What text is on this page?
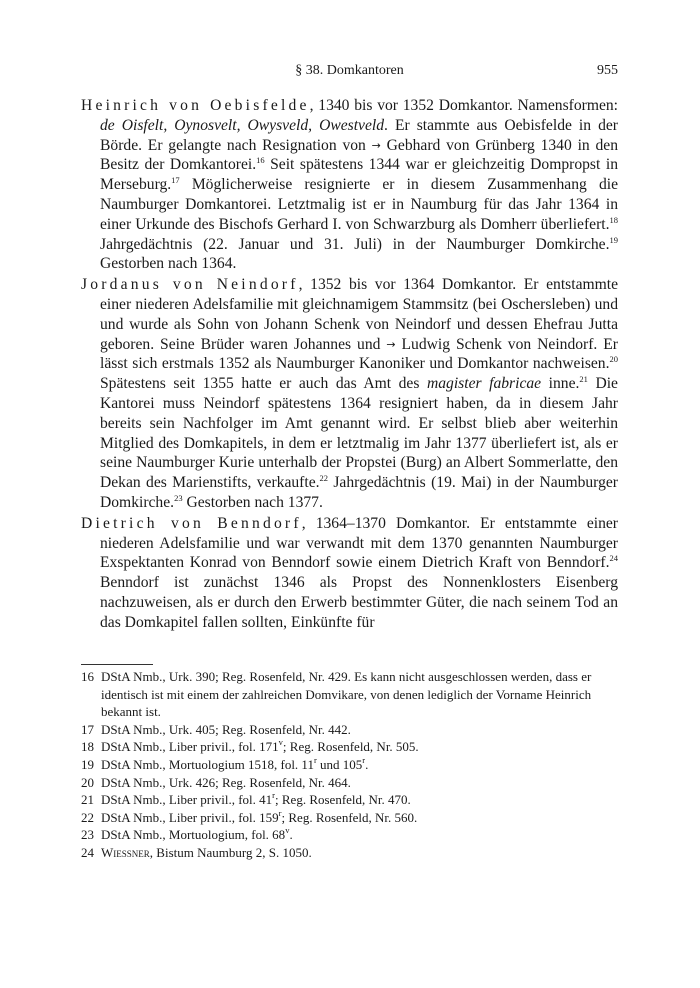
§ 38. Domkantoren	955

Heinrich von Oebisfelde, 1340 bis vor 1352 Domkantor. Namensformen: de Oisfelt, Oynosvelt, Owysveld, Owestveld. Er stammte aus Oebisfelde in der Börde. Er gelangte nach Resignation von → Gebhard von Grünberg 1340 in den Besitz der Domkantorei.$^{16}$ Seit spätestens 1344 war er gleichzeitig Dompropst in Merseburg.$^{17}$ Möglicherweise resignierte er in diesem Zusammenhang die Naumburger Domkantorei. Letztmalig ist er in Naumburg für das Jahr 1364 in einer Urkunde des Bischofs Gerhard I. von Schwarzburg als Domherr überliefert.$^{18}$ Jahrgedächtnis (22. Januar und 31. Juli) in der Naumburger Domkirche.$^{19}$ Gestorben nach 1364.

Jordanus von Neindorf, 1352 bis vor 1364 Domkantor. Er entstammte einer niederen Adelsfamilie mit gleichnamigem Stammsitz (bei Oschersleben) und und wurde als Sohn von Johann Schenk von Neindorf und dessen Ehefrau Jutta geboren. Seine Brüder waren Johannes und → Ludwig Schenk von Neindorf. Er lässt sich erstmals 1352 als Naumburger Kanoniker und Domkantor nachweisen.$^{20}$ Spätestens seit 1355 hatte er auch das Amt des magister fabricae inne.$^{21}$ Die Kantorei muss Neindorf spätestens 1364 resigniert haben, da in diesem Jahr bereits sein Nachfolger im Amt genannt wird. Er selbst blieb aber weiterhin Mitglied des Domkapitels, in dem er letztmalig im Jahr 1377 überliefert ist, als er seine Naumburger Kurie unterhalb der Propstei (Burg) an Albert Sommerlatte, den Dekan des Marienstifts, verkaufte.$^{22}$ Jahrgedächtnis (19. Mai) in der Naumburger Domkirche.$^{23}$ Gestorben nach 1377.

Dietrich von Benndorf, 1364–1370 Domkantor. Er entstammte einer niederen Adelsfamilie und war verwandt mit dem 1370 genannten Naumburger Exspektanten Konrad von Benndorf sowie einem Dietrich Kraft von Benndorf.$^{24}$ Benndorf ist zunächst 1346 als Propst des Nonnenklosters Eisenberg nachzuweisen, als er durch den Erwerb bestimmter Güter, die nach seinem Tod an das Domkapitel fallen sollten, Einkünfte für

16 DStA Nmb., Urk. 390; Reg. Rosenfeld, Nr. 429. Es kann nicht ausgeschlossen werden, dass er identisch ist mit einem der zahlreichen Domvikare, von denen lediglich der Vorname Heinrich bekannt ist.
17 DStA Nmb., Urk. 405; Reg. Rosenfeld, Nr. 442.
18 DStA Nmb., Liber privil., fol. 171$^v$; Reg. Rosenfeld, Nr. 505.
19 DStA Nmb., Mortuologium 1518, fol. 11$^r$ und 105$^r$.
20 DStA Nmb., Urk. 426; Reg. Rosenfeld, Nr. 464.
21 DStA Nmb., Liber privil., fol. 41$^r$; Reg. Rosenfeld, Nr. 470.
22 DStA Nmb., Liber privil., fol. 159$^r$; Reg. Rosenfeld, Nr. 560.
23 DStA Nmb., Mortuologium, fol. 68$^v$.
24 Wiessner, Bistum Naumburg 2, S. 1050.
